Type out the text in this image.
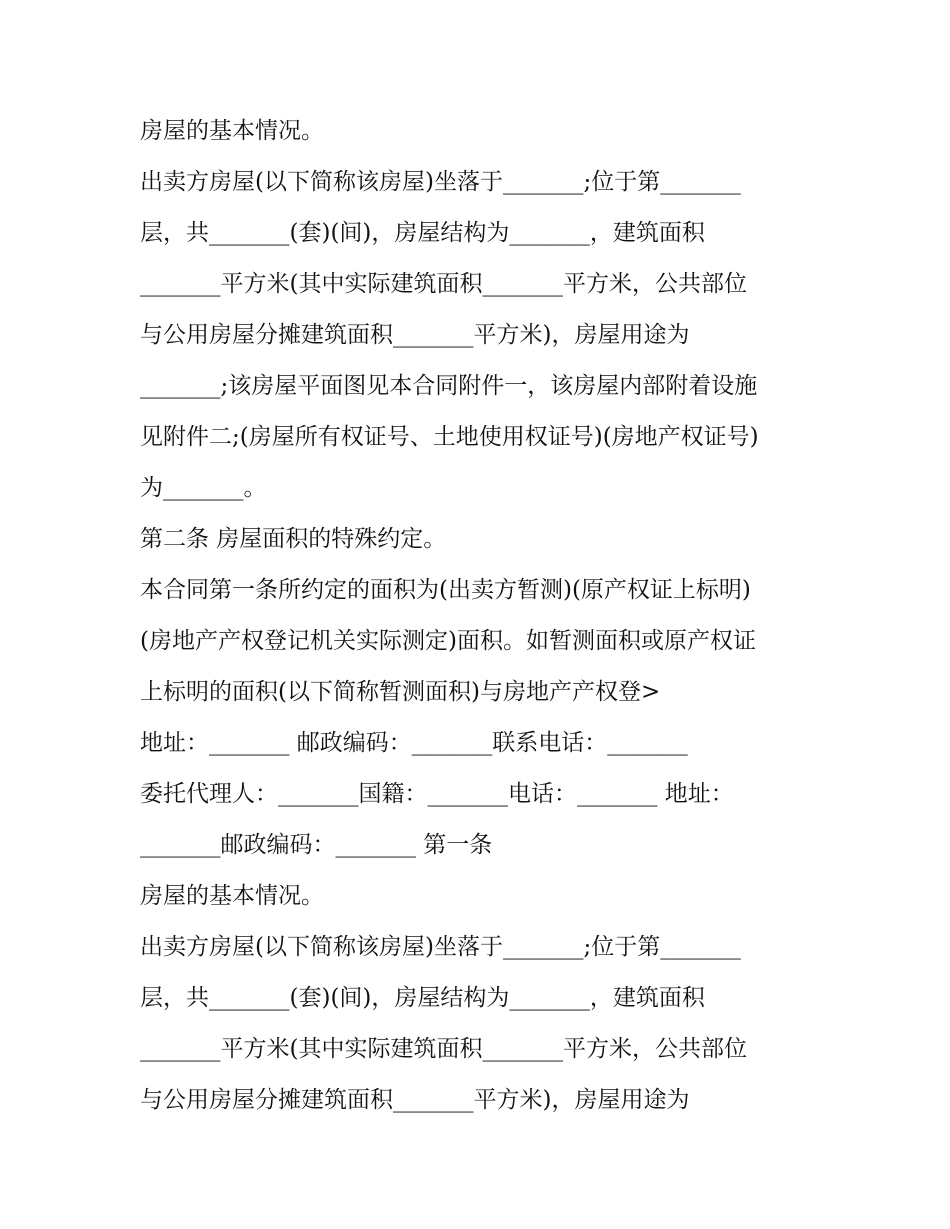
房屋的基本情况。
出卖方房屋(以下简称该房屋)坐落于_______;位于第_______
层，共_______(套)(间)，房屋结构为_______，建筑面积
_______平方米(其中实际建筑面积_______平方米，公共部位
与公用房屋分摊建筑面积_______平方米)，房屋用途为
_______;该房屋平面图见本合同附件一，该房屋内部附着设施
见附件二;(房屋所有权证号、土地使用权证号)(房地产权证号)
为_______。
第二条 房屋面积的特殊约定。
本合同第一条所约定的面积为(出卖方暂测)(原产权证上标明)
(房地产产权登记机关实际测定)面积。如暂测面积或原产权证
上标明的面积(以下简称暂测面积)与房地产产权登>
地址：_______ 邮政编码：_______联系电话：_______
委托代理人：_______国籍：_______电话：_______ 地址：
_______邮政编码：_______ 第一条
房屋的基本情况。
出卖方房屋(以下简称该房屋)坐落于_______;位于第_______
层，共_______(套)(间)，房屋结构为_______，建筑面积
_______平方米(其中实际建筑面积_______平方米，公共部位
与公用房屋分摊建筑面积_______平方米)，房屋用途为
